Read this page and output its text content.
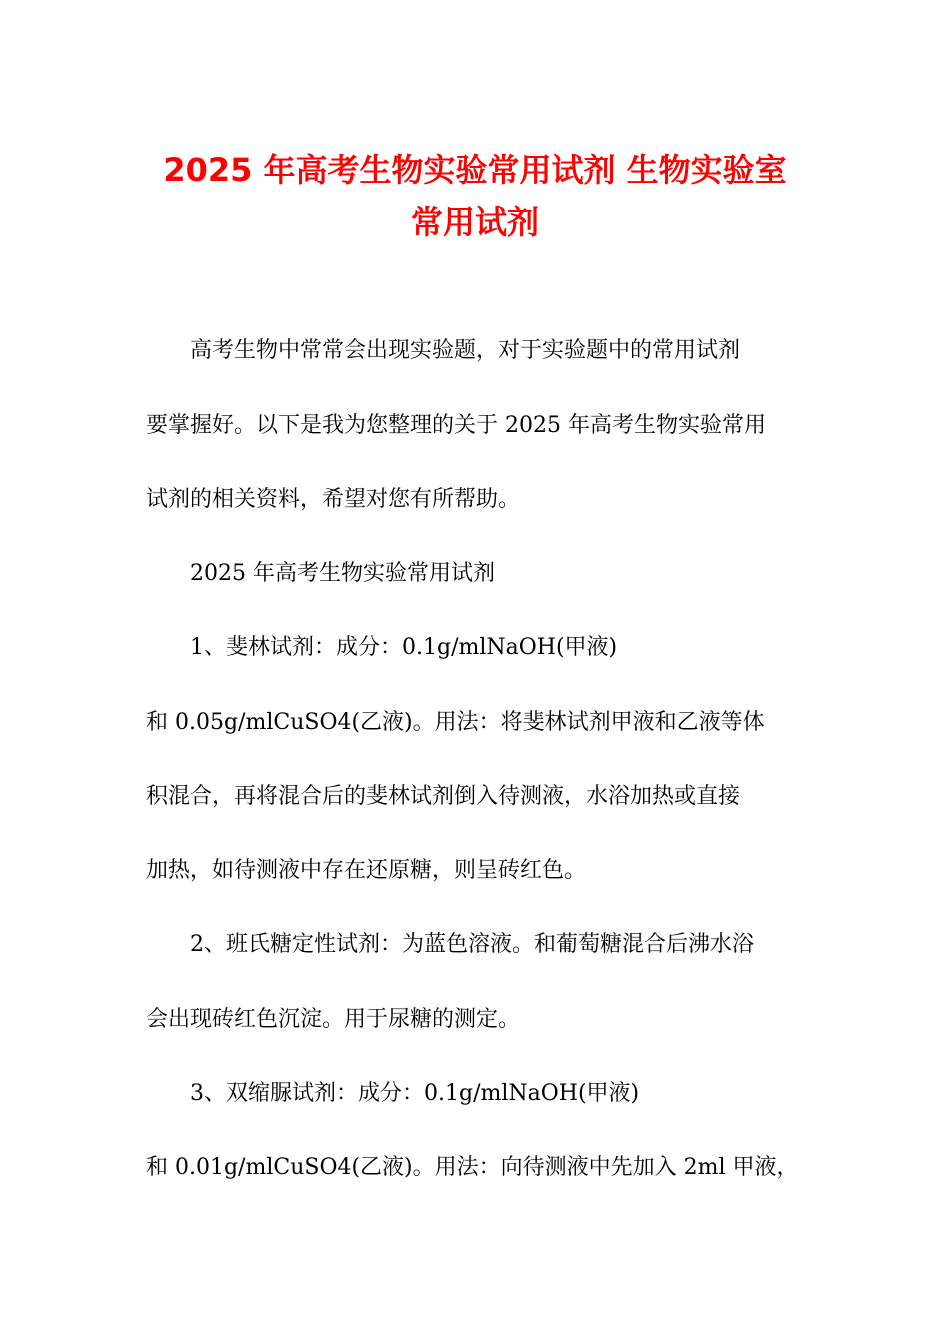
2025 年高考生物实验常用试剂 生物实验室
常用试剂
高考生物中常常会出现实验题，对于实验题中的常用试剂
要掌握好。以下是我为您整理的关于 2025 年高考生物实验常用
试剂的相关资料，希望对您有所帮助。
2025 年高考生物实验常用试剂
1、斐林试剂：成分：0.1g/mlNaOH(甲液)
和 0.05g/mlCuSO4(乙液)。用法：将斐林试剂甲液和乙液等体
积混合，再将混合后的斐林试剂倒入待测液，水浴加热或直接
加热，如待测液中存在还原糖，则呈砖红色。
2、班氏糖定性试剂：为蓝色溶液。和葡萄糖混合后沸水浴
会出现砖红色沉淀。用于尿糖的测定。
3、双缩脲试剂：成分：0.1g/mlNaOH(甲液)
和 0.01g/mlCuSO4(乙液)。用法：向待测液中先加入 2ml 甲液，
